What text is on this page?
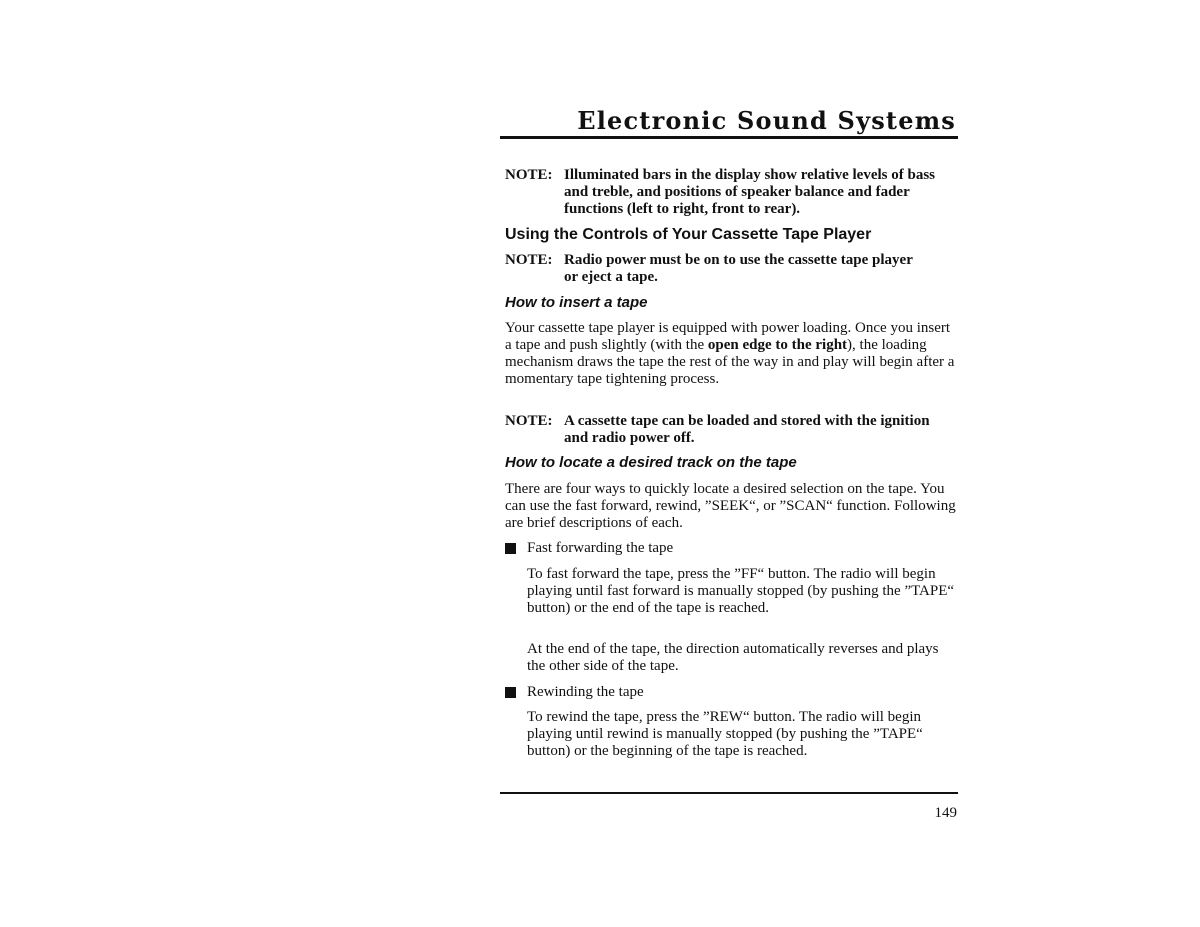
Electronic Sound Systems
NOTE: Illuminated bars in the display show relative levels of bass and treble, and positions of speaker balance and fader functions (left to right, front to rear).
Using the Controls of Your Cassette Tape Player
NOTE: Radio power must be on to use the cassette tape player or eject a tape.
How to insert a tape
Your cassette tape player is equipped with power loading. Once you insert a tape and push slightly (with the open edge to the right), the loading mechanism draws the tape the rest of the way in and play will begin after a momentary tape tightening process.
NOTE: A cassette tape can be loaded and stored with the ignition and radio power off.
How to locate a desired track on the tape
There are four ways to quickly locate a desired selection on the tape. You can use the fast forward, rewind, ”SEEK“, or ”SCAN“ function. Following are brief descriptions of each.
Fast forwarding the tape
To fast forward the tape, press the ”FF“ button. The radio will begin playing until fast forward is manually stopped (by pushing the ”TAPE“ button) or the end of the tape is reached.
At the end of the tape, the direction automatically reverses and plays the other side of the tape.
Rewinding the tape
To rewind the tape, press the ”REW“ button. The radio will begin playing until rewind is manually stopped (by pushing the ”TAPE“ button) or the beginning of the tape is reached.
149
